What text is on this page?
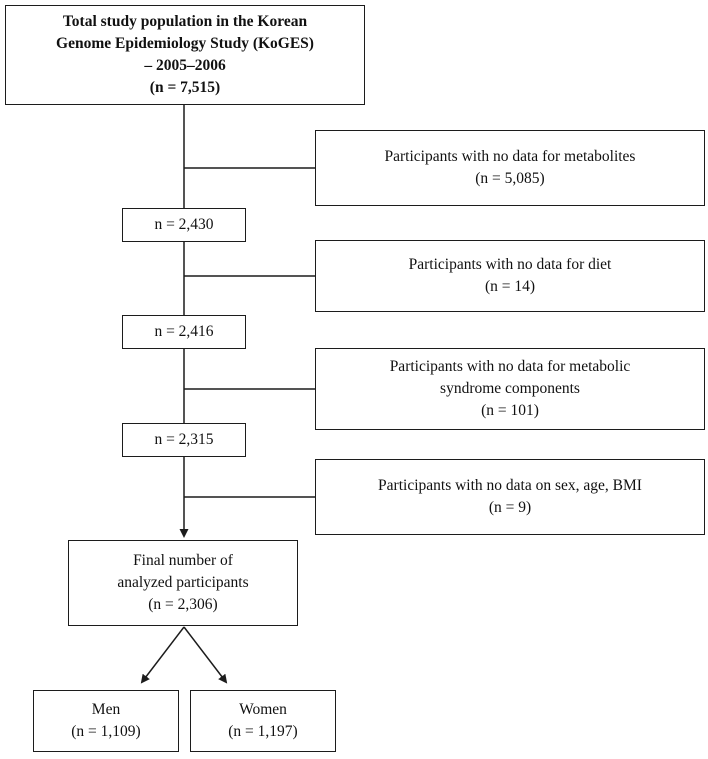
Total study population in the Korean
Genome Epidemiology Study (KoGES)
– 2005–2006
(n = 7,515)
Participants with no data for metabolites
(n = 5,085)
n = 2,430
Participants with no data for diet
(n = 14)
n = 2,416
Participants with no data for metabolic
syndrome components
(n = 101)
n = 2,315
Participants with no data on sex, age, BMI
(n = 9)
Final number of
analyzed participants
(n = 2,306)
Men
(n = 1,109)
Women
(n = 1,197)
